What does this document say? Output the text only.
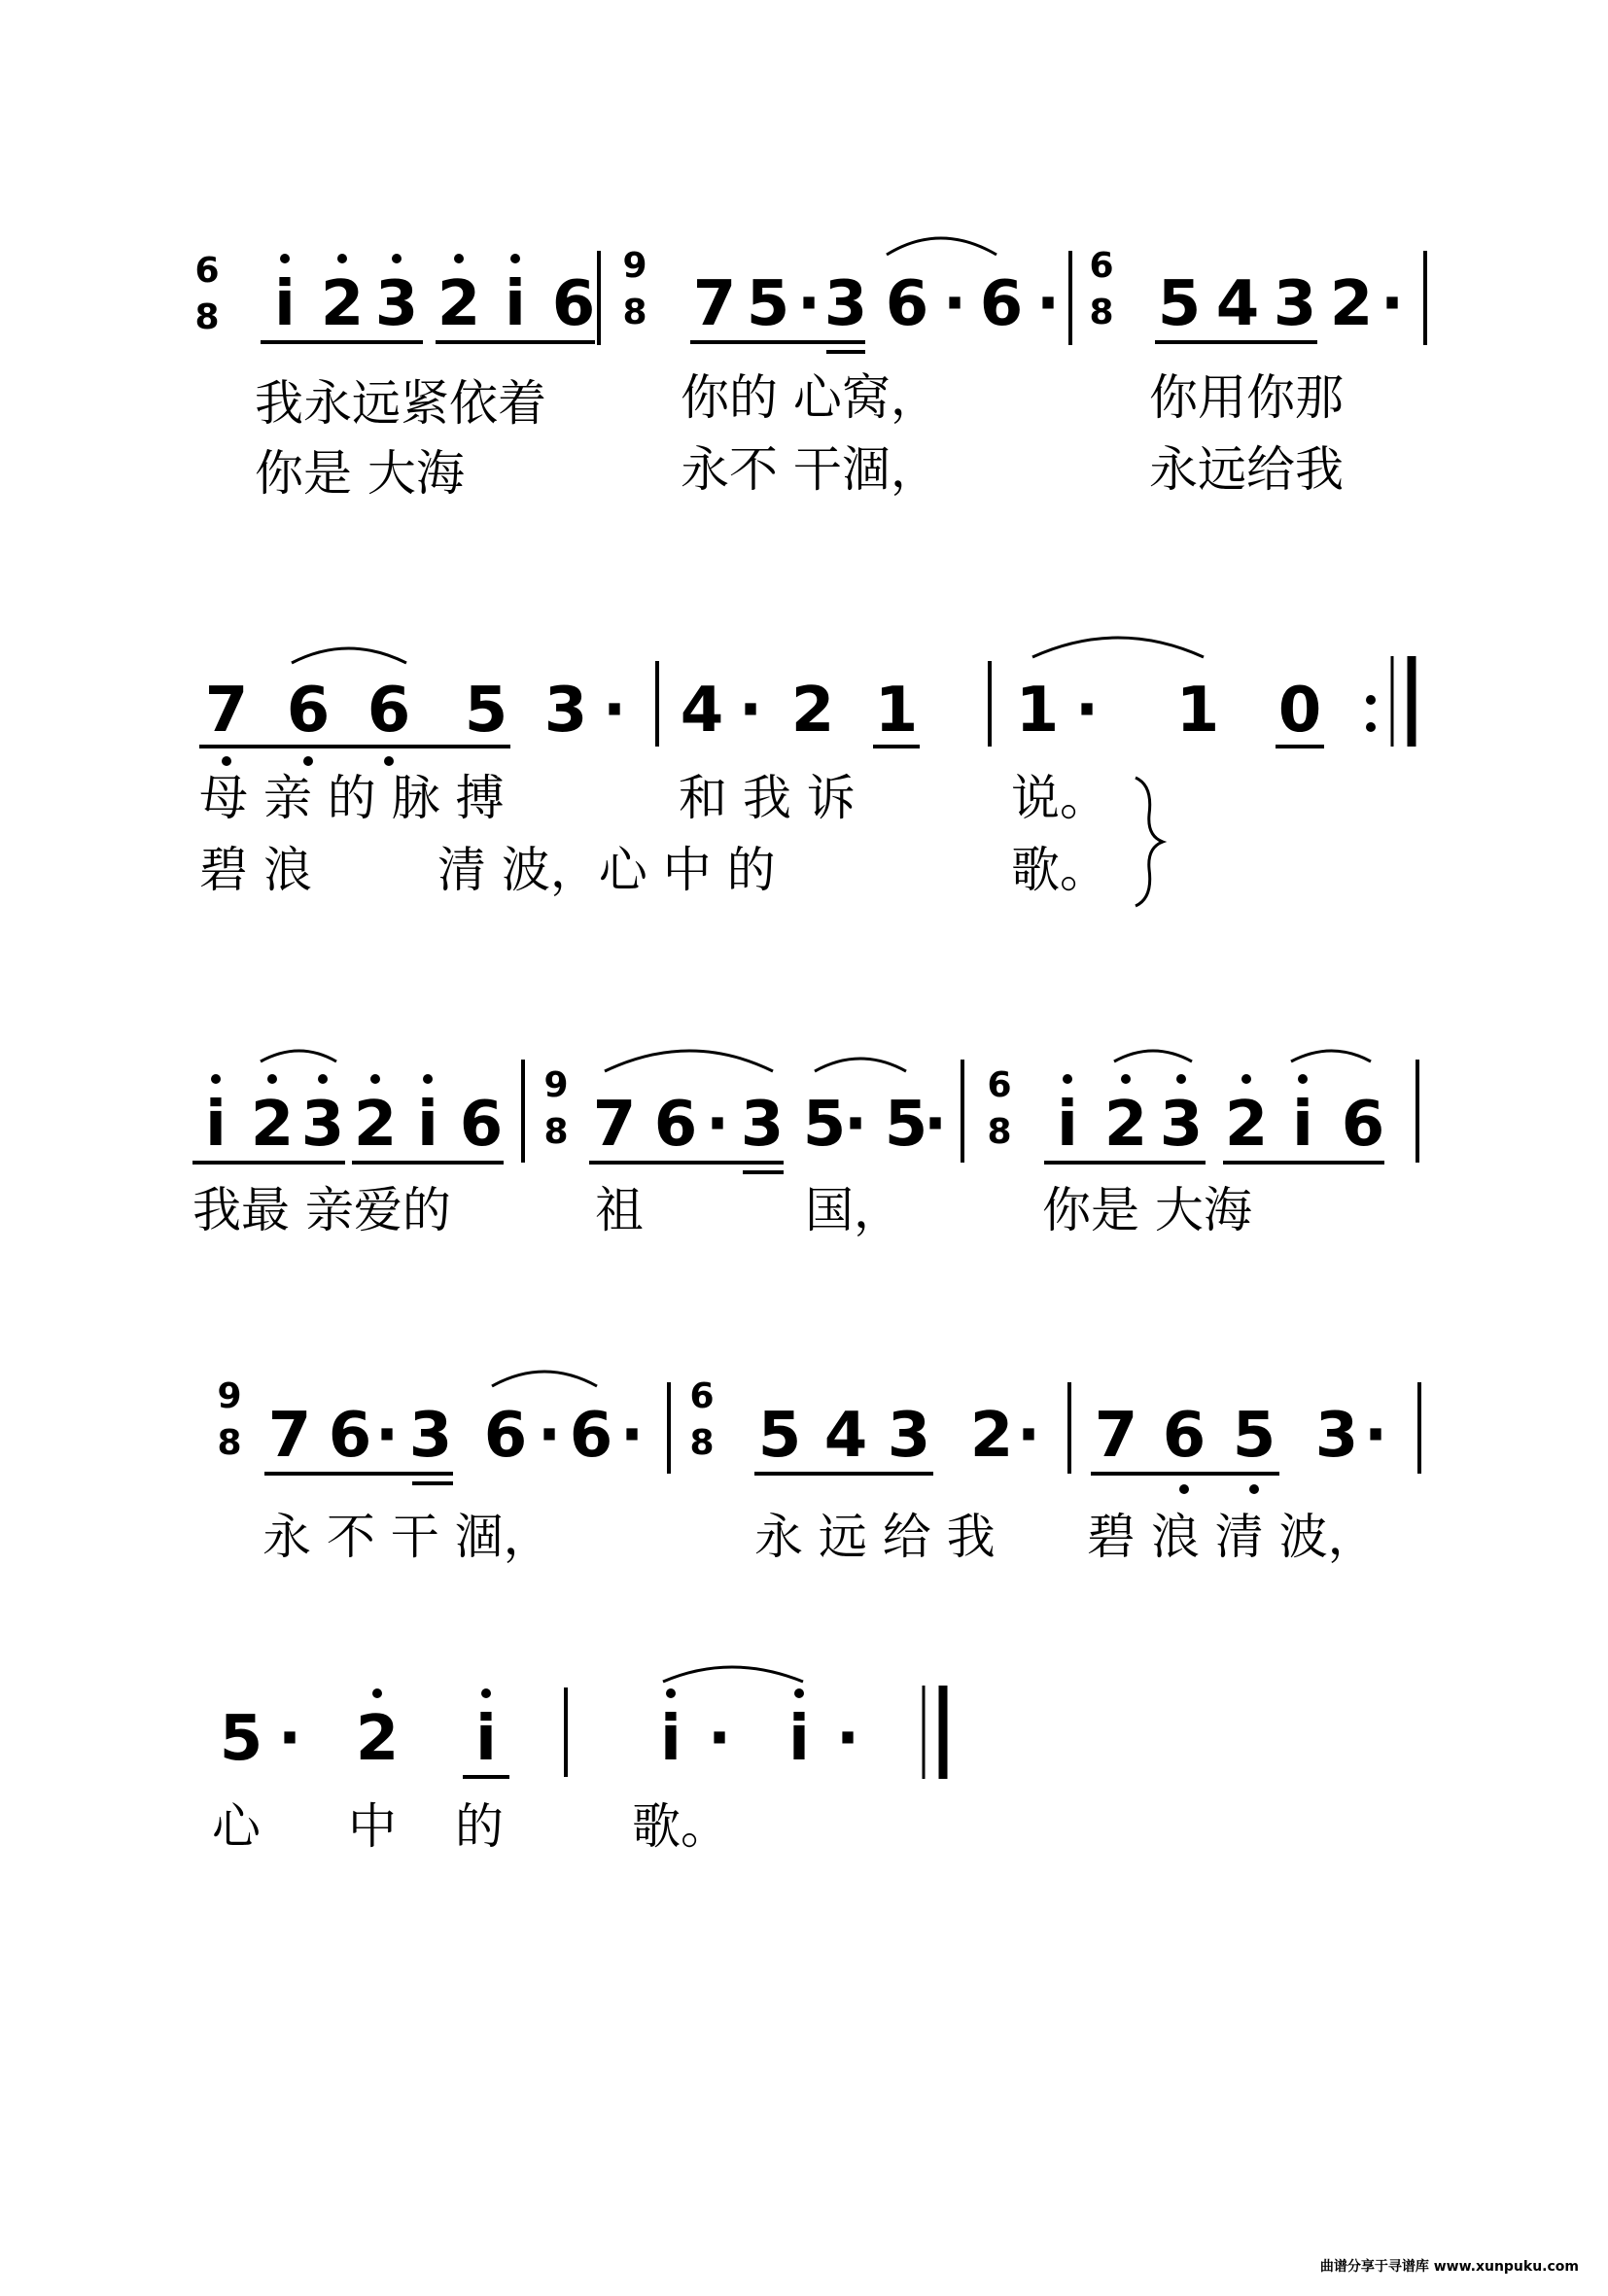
6
8 i 2 3 2 i 6
9
8 7 5 · 3 6 · 6 ·
6
8 5 4 3 2 ·
我永远紧依着	你的 心窝，	你用你那
你是 大海	永不 干涸，	永远给我
7 6 6 5 3 · 4 · 2 1 1 · 1 0
母 亲 的 脉 搏	和 我 诉	说。
碧 浪	清 波，心 中 的	歌。
i 2 3 2 i 6
9
8 7 6 · 3 5
· 5
·
6
8 i 2 3 2 i 6
我最 亲爱的	祖	国，	你是 大海
9
8 7 6 · 3 6 · 6 ·
6
8 5 4 3 2 · 7 6 5 3 ·
永 不 干 涸，	永 远 给 我 碧 浪 清 波，
5 · 2 i	i · i ·
心 中 的	歌。
曲谱分享于寻谱库 www.xunpuku.com
